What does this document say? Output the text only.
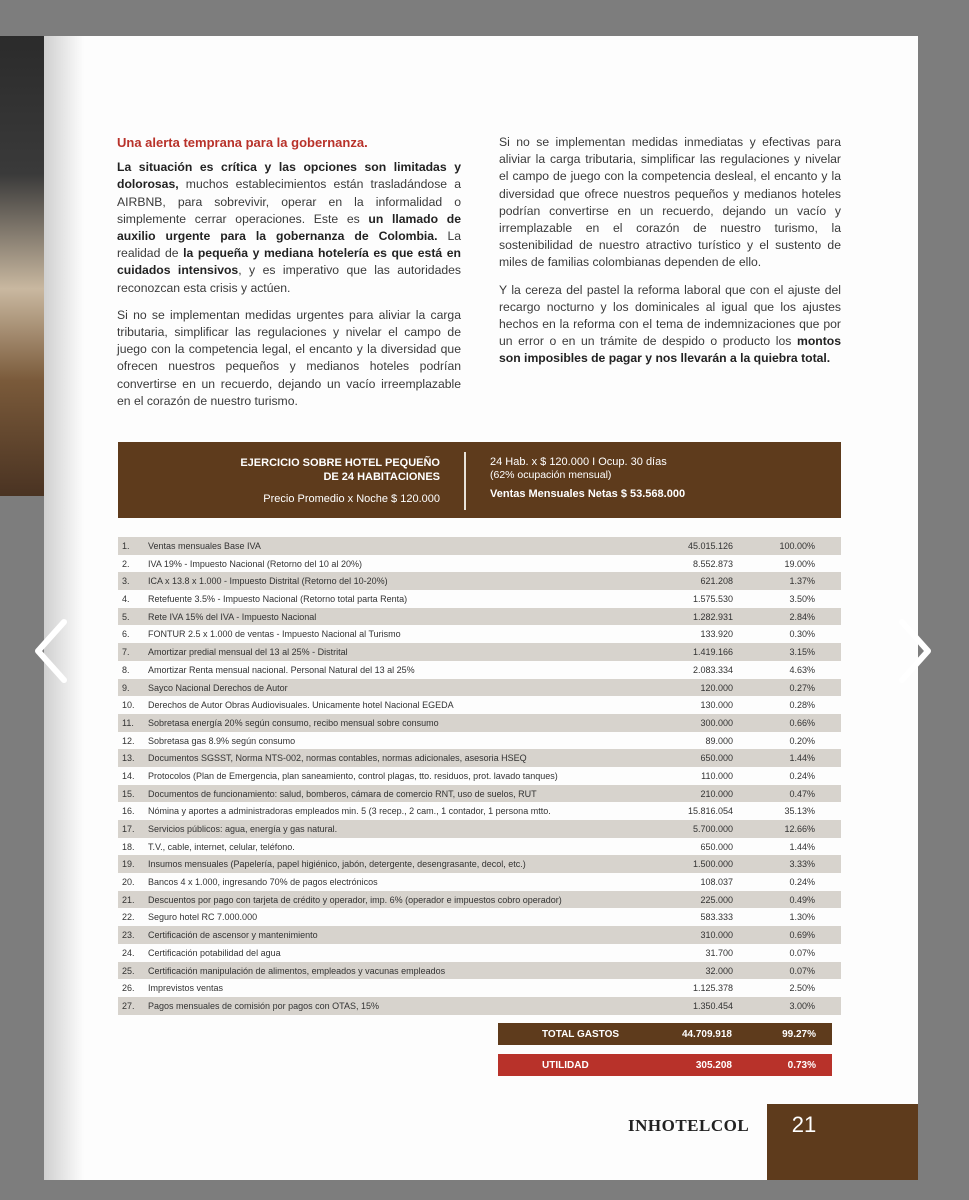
Una alerta temprana para la gobernanza.

La situación es crítica y las opciones son limitadas y dolorosas, muchos establecimientos están trasladándose a AIRBNB, para sobrevivir, operar en la informalidad o simplemente cerrar operaciones. Este es un llamado de auxilio urgente para la gobernanza de Colombia. La realidad de la pequeña y mediana hotelería es que está en cuidados intensivos, y es imperativo que las autoridades reconozcan esta crisis y actúen.

Si no se implementan medidas urgentes para aliviar la carga tributaria, simplificar las regulaciones y nivelar el campo de juego con la competencia legal, el encanto y la diversidad que ofrecen nuestros pequeños y medianos hoteles podrían convertirse en un recuerdo, dejando un vacío irreemplazable en el corazón de nuestro turismo.

Si no se implementan medidas inmediatas y efectivas para aliviar la carga tributaria, simplificar las regulaciones y nivelar el campo de juego con la competencia desleal, el encanto y la diversidad que ofrece nuestros pequeños y medianos hoteles podrían convertirse en un recuerdo, dejando un vacío y irremplazable en el corazón de nuestro turismo, la sostenibilidad de nuestro atractivo turístico y el sustento de miles de familias colombianas dependen de ello.

Y la cereza del pastel la reforma laboral que con el ajuste del recargo nocturno y los dominicales al igual que los ajustes hechos en la reforma con el tema de indemnizaciones que por un error o en un trámite de despido o producto los montos son imposibles de pagar y nos llevarán a la quiebra total.

EJERCICIO SOBRE HOTEL PEQUEÑO
DE 24 HABITACIONES
Precio Promedio x Noche $ 120.000
24 Hab. x $ 120.000 I Ocup. 30 días
(62% ocupación mensual)
Ventas Mensuales Netas $ 53.568.000
1. Ventas mensuales Base IVA	45.015.126	100.00%
2. IVA 19% - Impuesto Nacional (Retorno del 10 al 20%)	8.552.873	19.00%
3. ICA x 13.8 x 1.000 - Impuesto Distrital (Retorno del 10-20%)	621.208	1.37%
4. Retefuente 3.5% - Impuesto Nacional (Retorno total parta Renta)	1.575.530	3.50%
5. Rete IVA 15% del IVA - Impuesto Nacional	1.282.931	2.84%
6. FONTUR 2.5 x 1.000 de ventas - Impuesto Nacional al Turismo	133.920	0.30%
7. Amortizar predial mensual del 13 al 25% - Distrital	1.419.166	3.15%
8. Amortizar Renta mensual nacional. Personal Natural del 13 al 25%	2.083.334	4.63%
9. Sayco Nacional Derechos de Autor	120.000	0.27%
10. Derechos de Autor Obras Audiovisuales. Unicamente hotel Nacional EGEDA	130.000	0.28%
11. Sobretasa energía 20% según consumo, recibo mensual sobre consumo	300.000	0.66%
12. Sobretasa gas 8.9% según consumo	89.000	0.20%
13. Documentos SGSST, Norma NTS-002, normas contables, normas adicionales, asesoria HSEQ	650.000	1.44%
14. Protocolos (Plan de Emergencia, plan saneamiento, control plagas, tto. residuos, prot. lavado tanques)	110.000	0.24%
15. Documentos de funcionamiento: salud, bomberos, cámara de comercio RNT, uso de suelos, RUT	210.000	0.47%
16. Nómina y aportes a administradoras empleados min. 5 (3 recep., 2 cam., 1 contador, 1 persona mtto.	15.816.054	35.13%
17. Servicios públicos: agua, energía y gas natural.	5.700.000	12.66%
18. T.V., cable, internet, celular, teléfono.	650.000	1.44%
19. Insumos mensuales (Papelería, papel higiénico, jabón, detergente, desengrasante, decol, etc.)	1.500.000	3.33%
20. Bancos 4 x 1.000, ingresando 70% de pagos electrónicos	108.037	0.24%
21. Descuentos por pago con tarjeta de crédito y operador, imp. 6% (operador e impuestos cobro operador)	225.000	0.49%
22. Seguro hotel RC 7.000.000	583.333	1.30%
23. Certificación de ascensor y mantenimiento	310.000	0.69%
24. Certificación potabilidad del agua	31.700	0.07%
25. Certificación manipulación de alimentos, empleados y vacunas empleados	32.000	0.07%
26. Imprevistos ventas	1.125.378	2.50%
27. Pagos mensuales de comisión por pagos con OTAS, 15%	1.350.454	3.00%
TOTAL GASTOS	44.709.918	99.27%
UTILIDAD	305.208	0.73%
INHOTELCOL	21
